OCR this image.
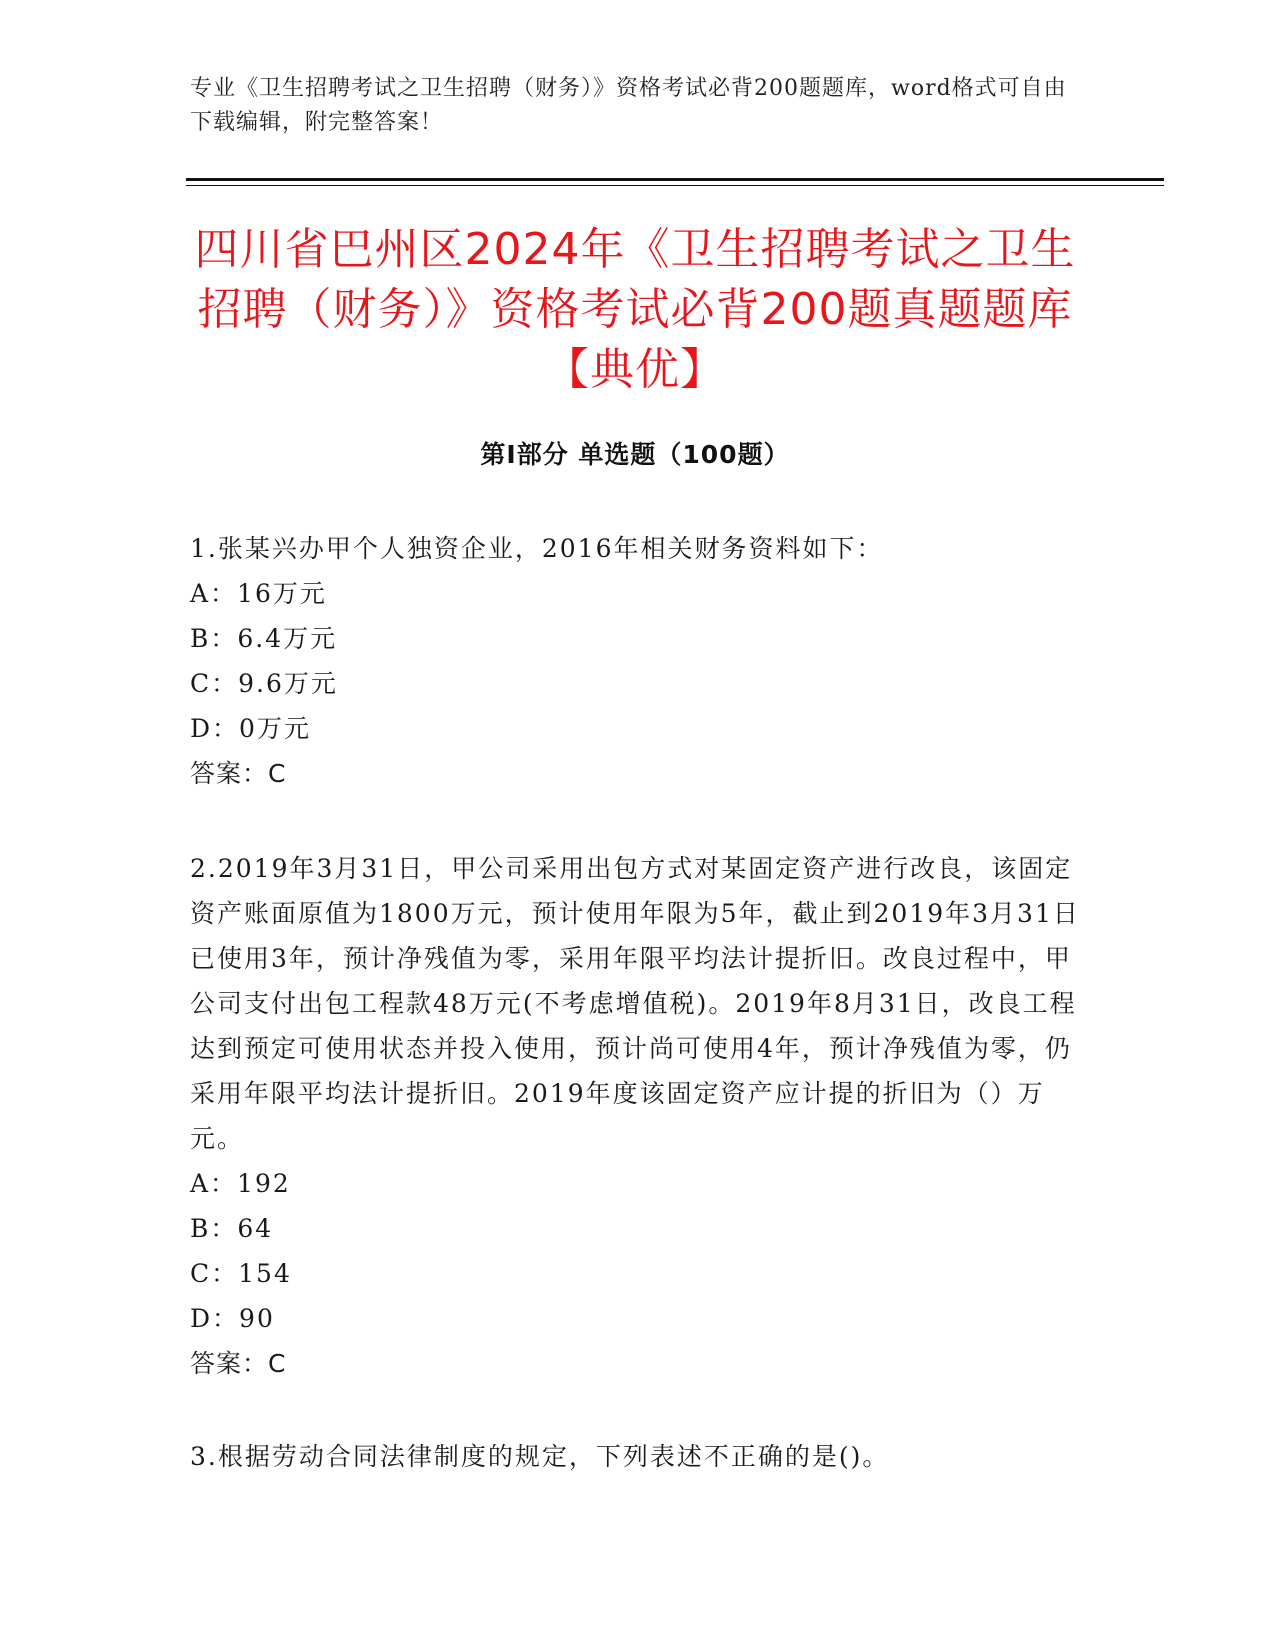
专业《卫生招聘考试之卫生招聘（财务）》资格考试必背200题题库，word格式可自由下载编辑，附完整答案！
四川省巴州区2024年《卫生招聘考试之卫生招聘（财务）》资格考试必背200题真题题库【典优】
第I部分 单选题（100题）

1.张某兴办甲个人独资企业，2016年相关财务资料如下：

A：16万元

B：6.4万元

C：9.6万元

D：0万元

答案：C

2.2019年3月31日，甲公司采用出包方式对某固定资产进行改良，该固定资产账面原值为1800万元，预计使用年限为5年，截止到2019年3月31日已使用3年，预计净残值为零，采用年限平均法计提折旧。改良过程中，甲公司支付出包工程款48万元(不考虑增值税)。2019年8月31日，改良工程达到预定可使用状态并投入使用，预计尚可使用4年，预计净残值为零，仍采用年限平均法计提折旧。2019年度该固定资产应计提的折旧为（）万元。

A：192

B：64

C：154

D：90

答案：C

3.根据劳动合同法律制度的规定，下列表述不正确的是()。
